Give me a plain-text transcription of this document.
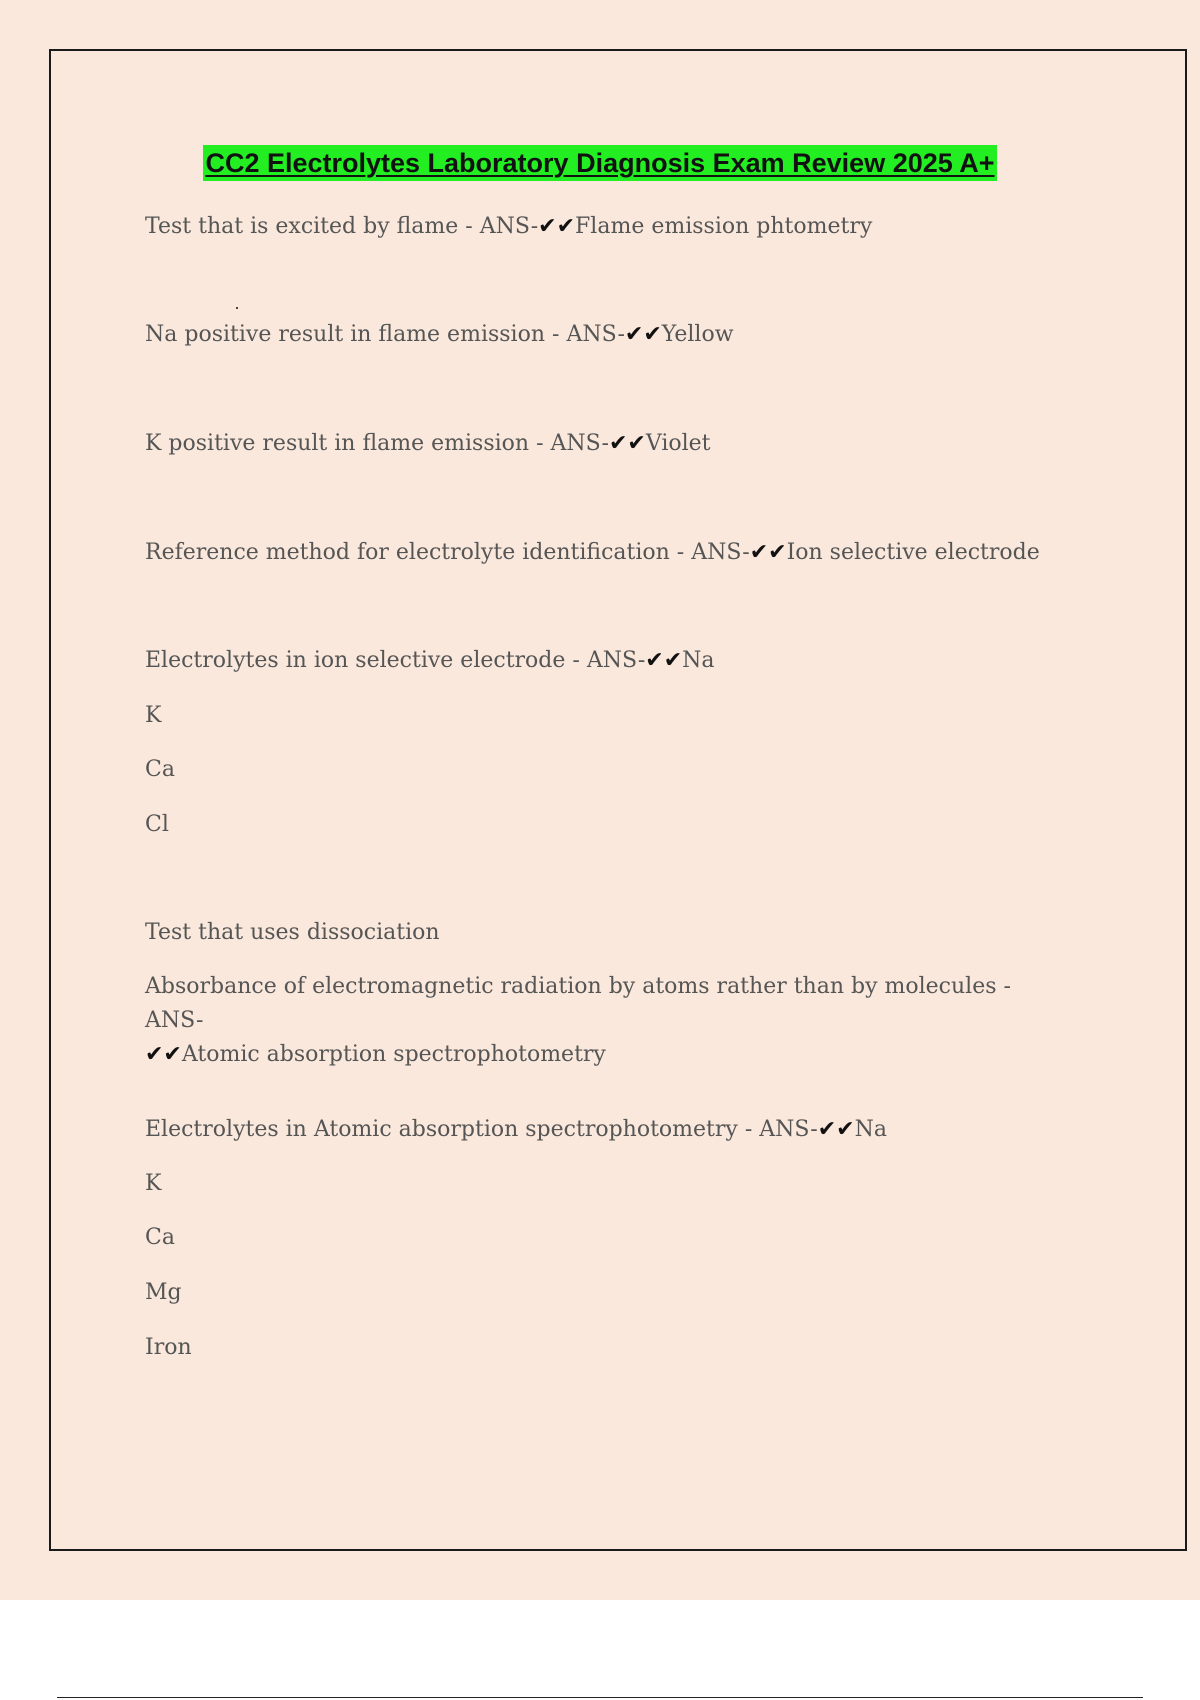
CC2 Electrolytes Laboratory Diagnosis Exam Review 2025 A+
Test that is excited by flame - ANS-✔✔Flame emission phtometry
Na positive result in flame emission - ANS-✔✔Yellow
K positive result in flame emission - ANS-✔✔Violet
Reference method for electrolyte identification - ANS-✔✔Ion selective electrode
Electrolytes in ion selective electrode - ANS-✔✔Na
K
Ca
Cl
Test that uses dissociation
Absorbance of electromagnetic radiation by atoms rather than by molecules - ANS-
✔✔Atomic absorption spectrophotometry
Electrolytes in Atomic absorption spectrophotometry - ANS-✔✔Na
K
Ca
Mg
Iron
